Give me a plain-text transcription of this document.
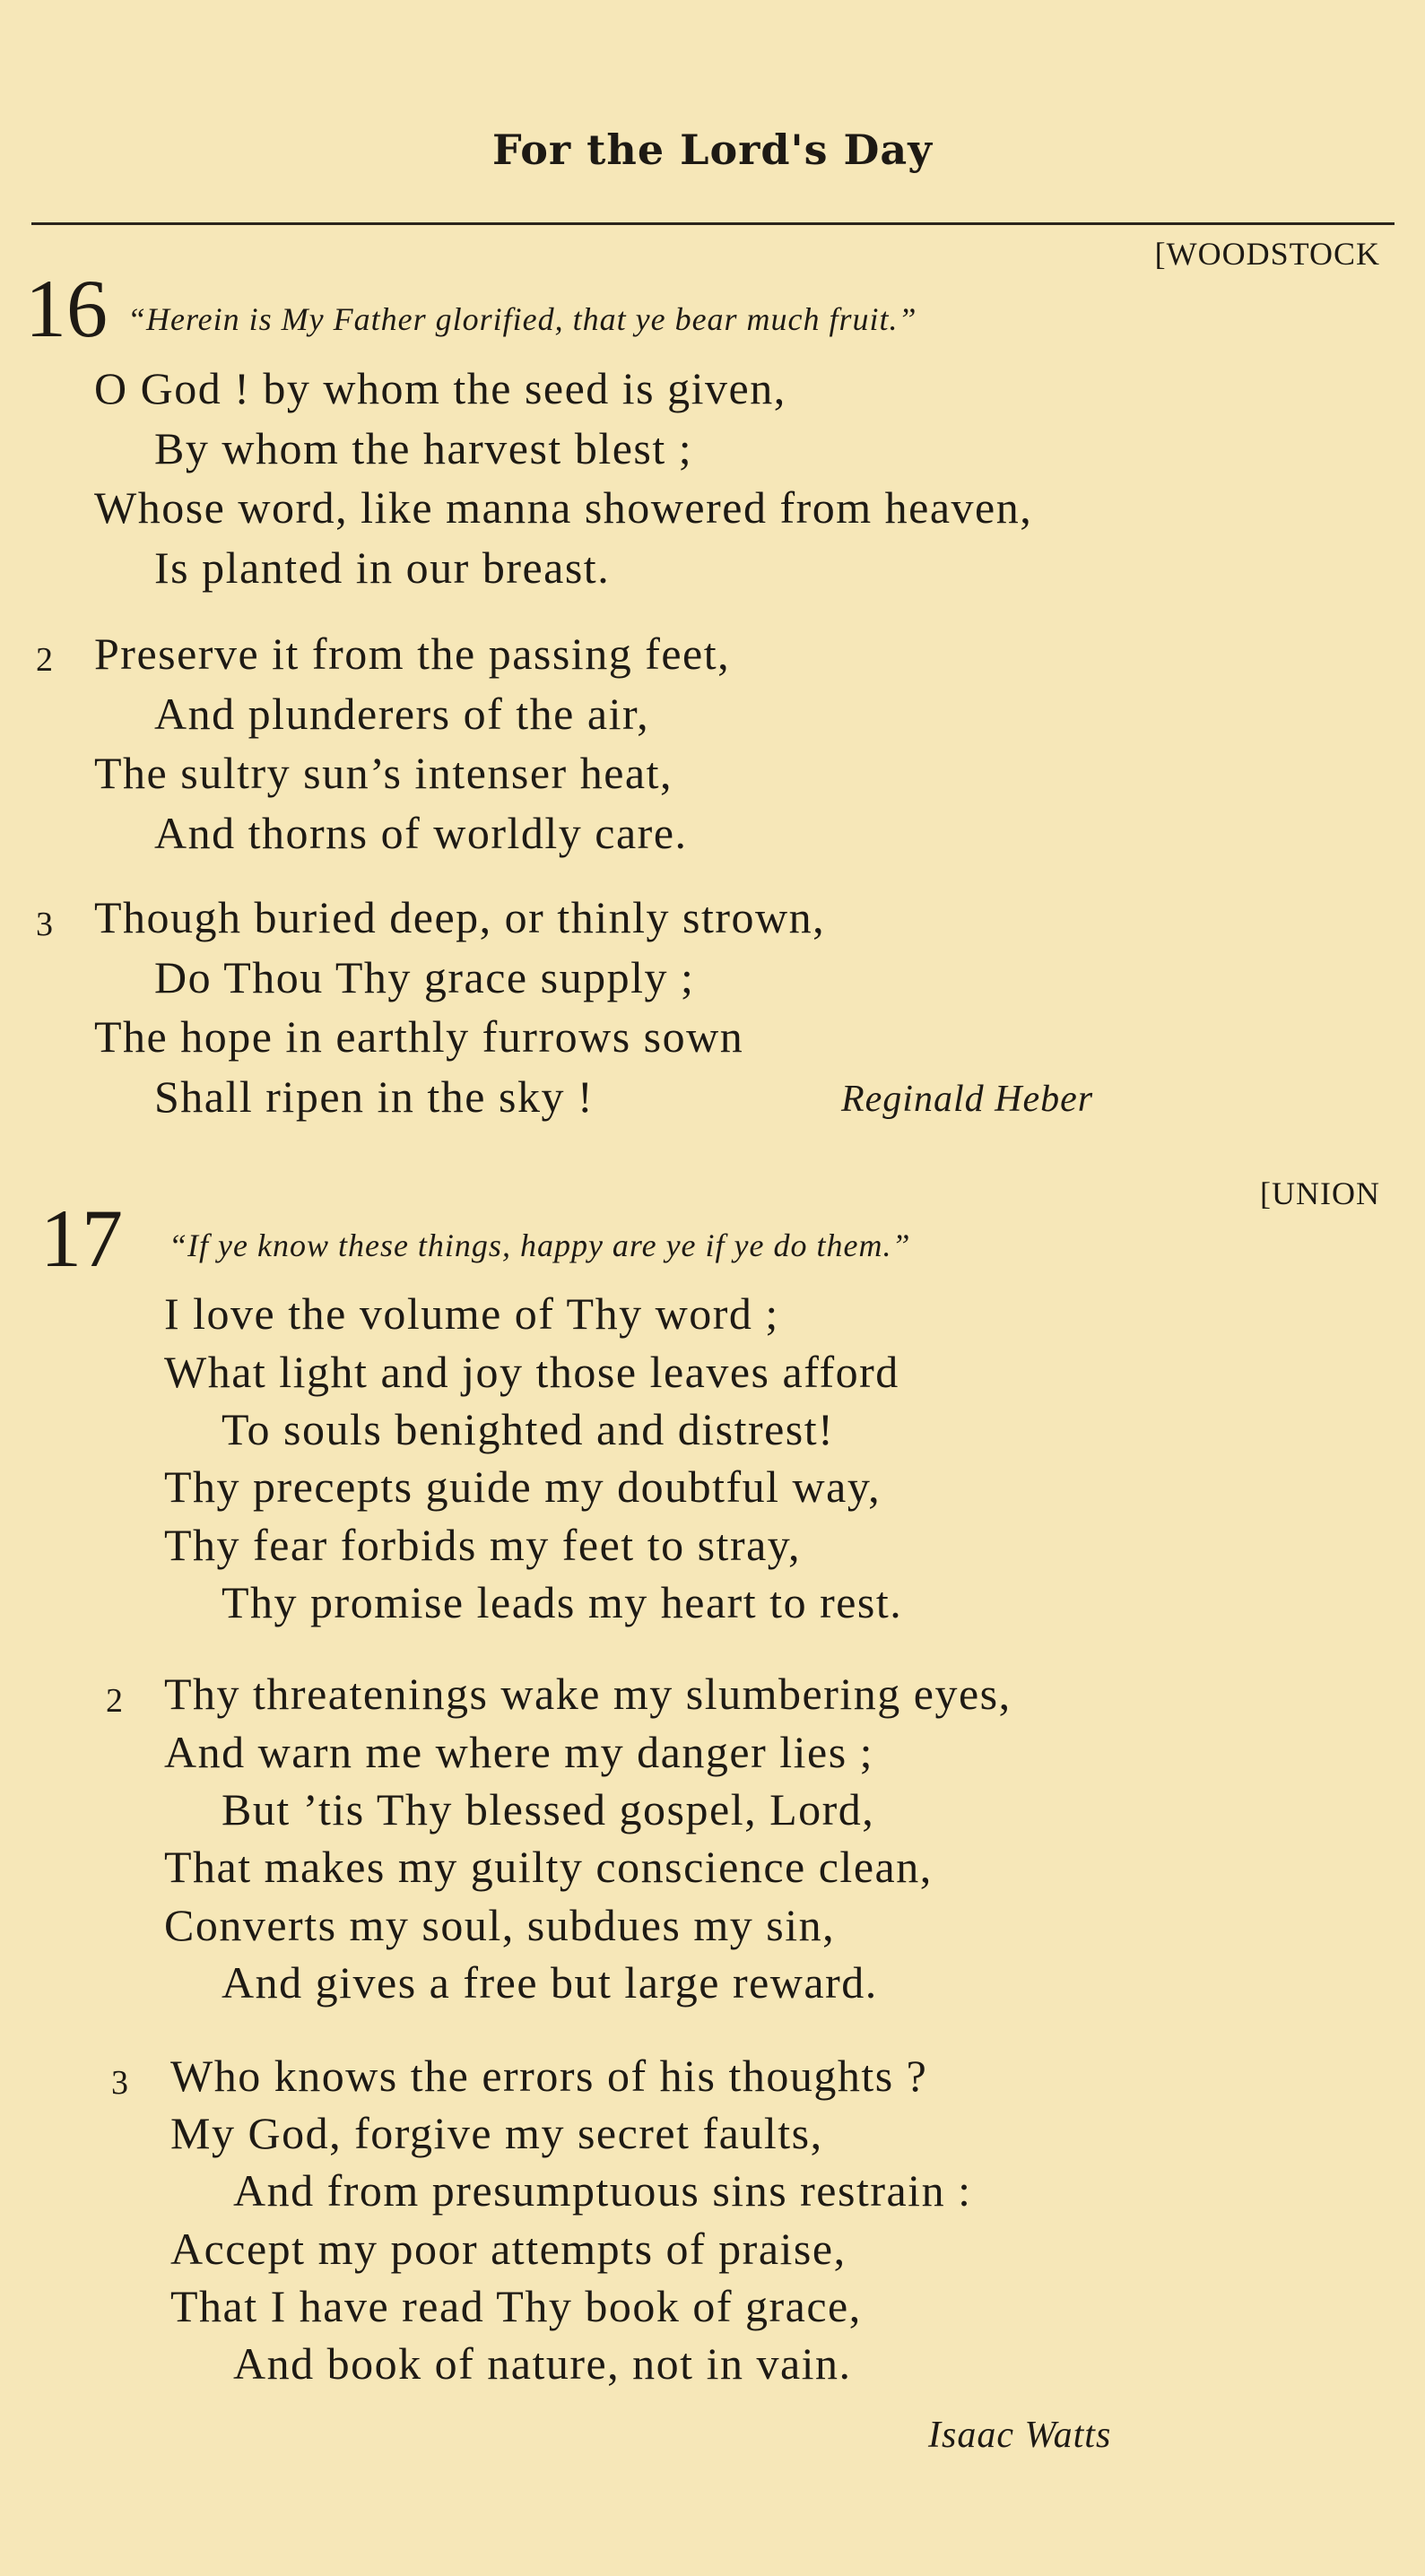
For the Lord's Day
[WOODSTOCK
16 “Herein is My Father glorified, that ye bear much fruit.”
O God ! by whom the seed is given,
By whom the harvest blest ;
Whose word, like manna showered from heaven,
Is planted in our breast.
2 Preserve it from the passing feet,
And plunderers of the air,
The sultry sun’s intenser heat,
And thorns of worldly care.
3 Though buried deep, or thinly strown,
Do Thou Thy grace supply ;
The hope in earthly furrows sown
Shall ripen in the sky !	Reginald Heber
[UNION
17 “If ye know these things, happy are ye if ye do them.”
I love the volume of Thy word ;
What light and joy those leaves afford
To souls benighted and distrest!
Thy precepts guide my doubtful way,
Thy fear forbids my feet to stray,
Thy promise leads my heart to rest.
2 Thy threatenings wake my slumbering eyes,
And warn me where my danger lies ;
But ’tis Thy blessed gospel, Lord,
That makes my guilty conscience clean,
Converts my soul, subdues my sin,
And gives a free but large reward.
3 Who knows the errors of his thoughts ?
My God, forgive my secret faults,
And from presumptuous sins restrain :
Accept my poor attempts of praise,
That I have read Thy book of grace,
And book of nature, not in vain.
Isaac Watts
